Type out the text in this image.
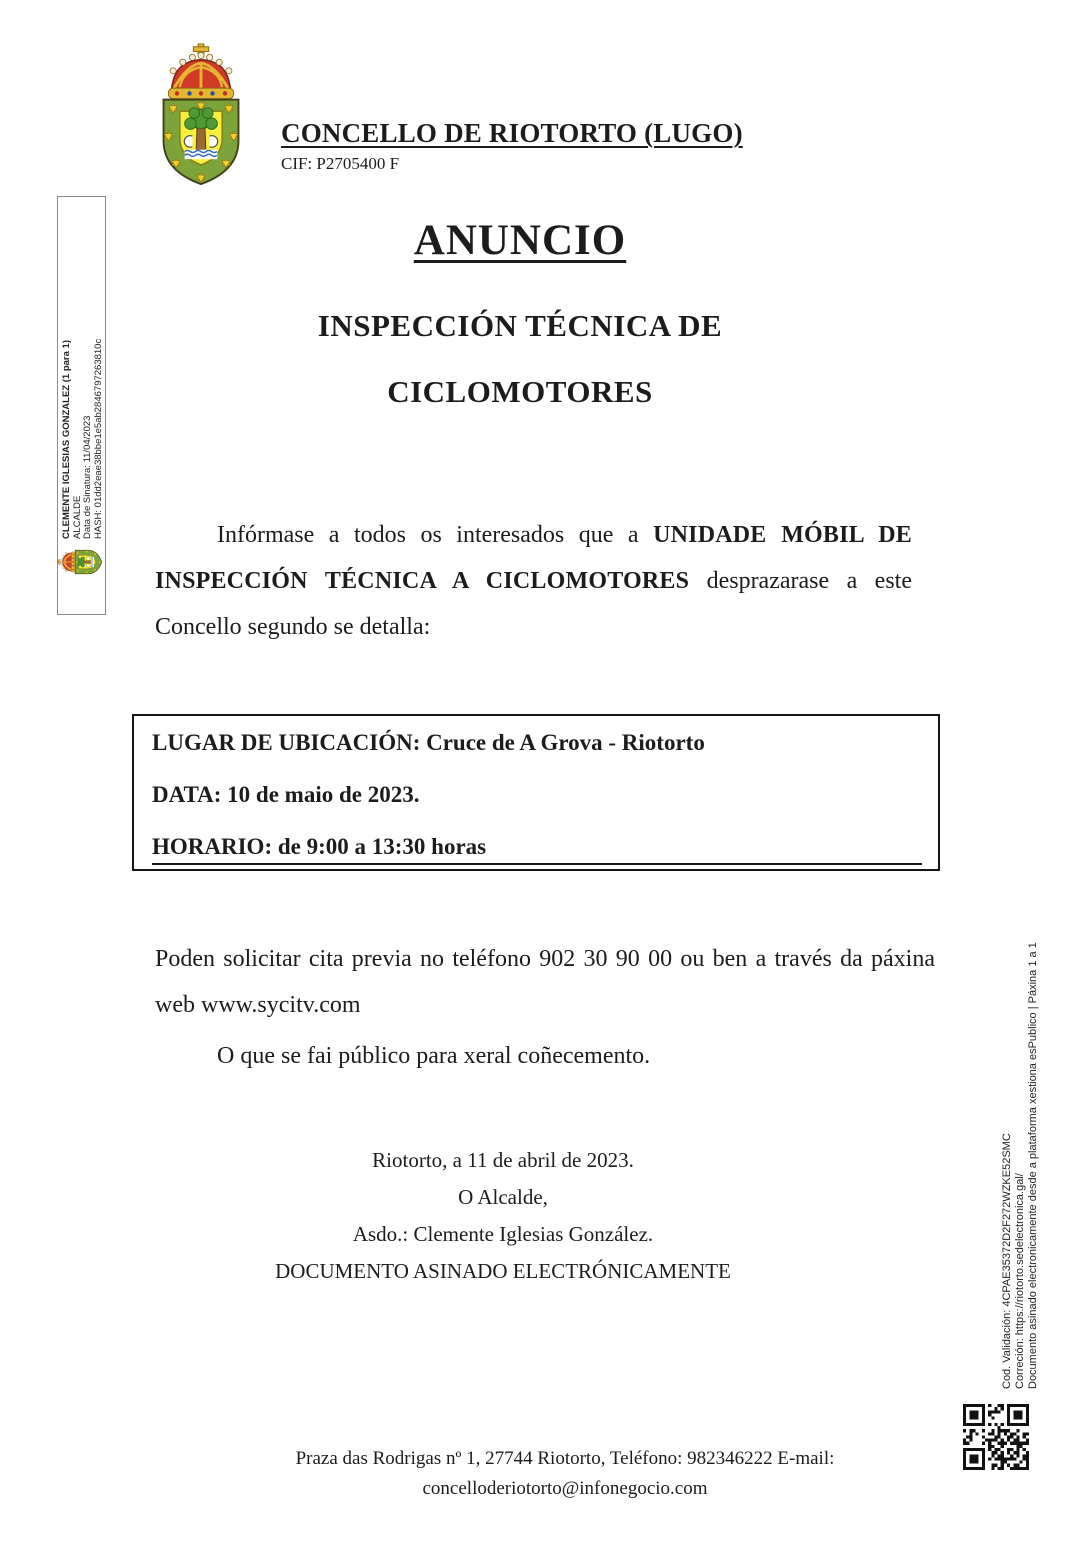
CONCELLO DE RIOTORTO (LUGO)
CIF: P2705400 F
ANUNCIO
INSPECCIÓN TÉCNICA DE
CICLOMOTORES

Infórmase a todos os interesados que a UNIDADE MÓBIL DE INSPECCIÓN TÉCNICA A CICLOMOTORES desprazarase a este Concello segundo se detalla:

LUGAR DE UBICACIÓN: Cruce de A Grova - Riotorto
DATA: 10 de maio de 2023.
HORARIO: de 9:00 a 13:30 horas

Poden solicitar cita previa no teléfono 902 30 90 00 ou ben a través da páxina web www.sycitv.com

O que se fai público para xeral coñecemento.

Riotorto, a 11 de abril de 2023.
O Alcalde,
Asdo.: Clemente Iglesias González.
DOCUMENTO ASINADO ELECTRÓNICAMENTE
Praza das Rodrigas nº 1, 27744 Riotorto, Teléfono: 982346222 E-mail:
concelloderiotorto@infonegocio.com
CLEMENTE IGLESIAS GONZALEZ (1 para 1) ALCALDE Data de Sinatura: 11/04/2023 HASH: 01dd2eae38bbe1e5ab2846797263810c
Cod. Validación: 4CPAE35372D2F272WZKE52SMC Correción: https://riotorto.sedelectronica.gal/ Documento asinado electronicamente desde a plataforma xestiona esPublico | Páxina 1 a 1
